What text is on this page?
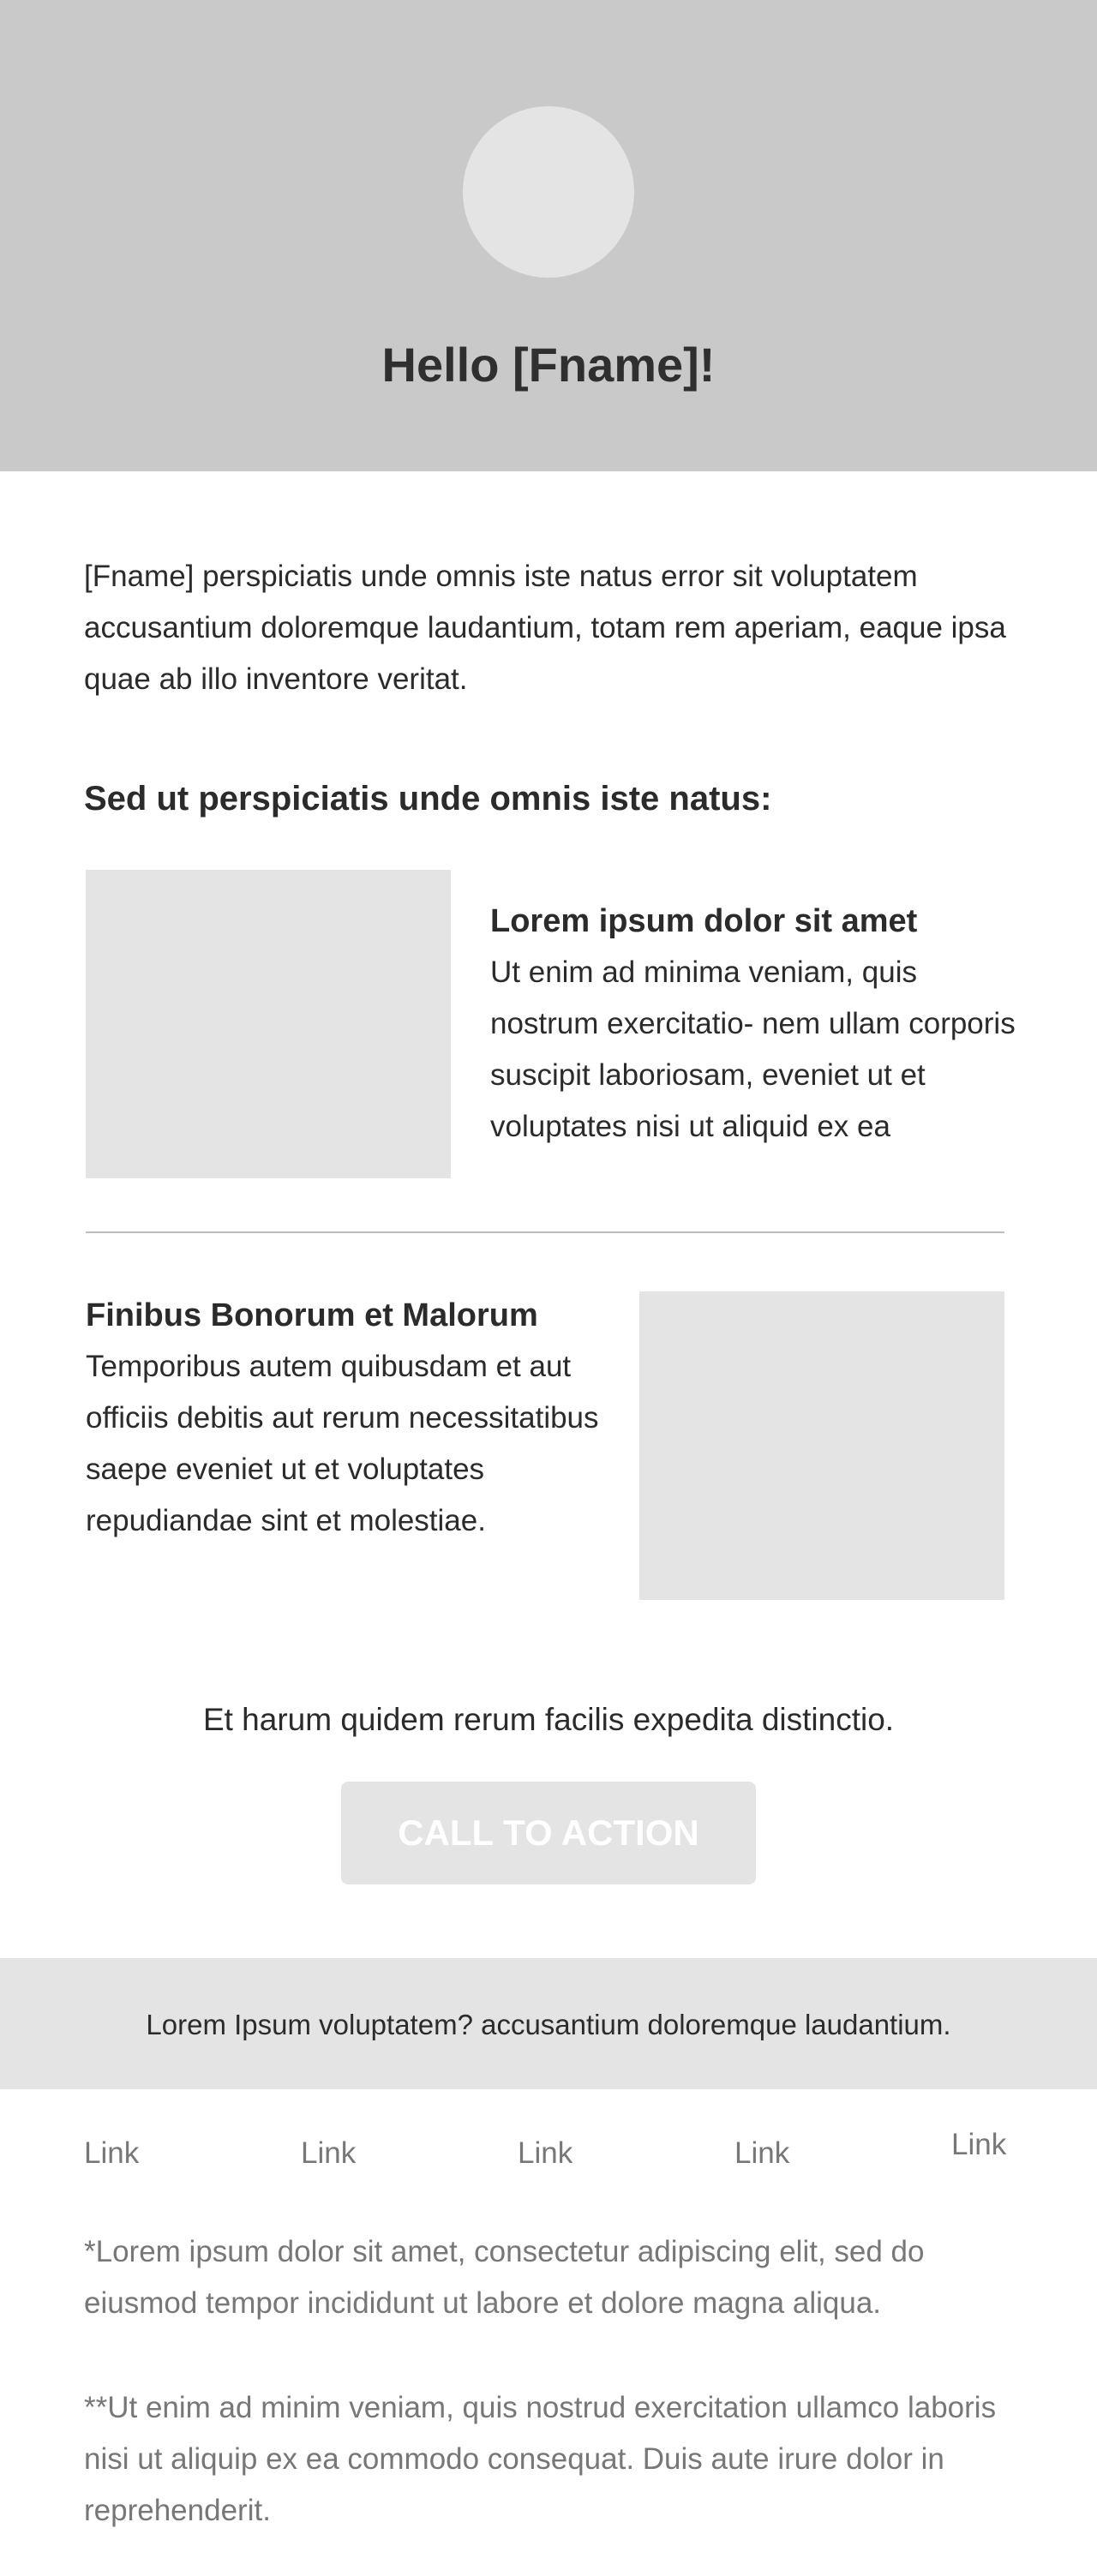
Hello [Fname]!

[Fname] perspiciatis unde omnis iste natus error sit voluptatem accusantium doloremque laudantium, totam rem aperiam, eaque ipsa quae ab illo inventore veritat.

Sed ut perspiciatis unde omnis iste natus:

Lorem ipsum dolor sit amet

Ut enim ad minima veniam, quis nostrum exercitatio- nem ullam corporis suscipit laboriosam, eveniet ut et voluptates nisi ut aliquid ex ea

Finibus Bonorum et Malorum

Temporibus autem quibusdam et aut officiis debitis aut rerum necessitatibus saepe eveniet ut et voluptates repudiandae sint et molestiae.

Et harum quidem rerum facilis expedita distinctio.

CALL TO ACTION

Lorem Ipsum voluptatem? accusantium doloremque laudantium.

Link	Link	Link	Link	Link

*Lorem ipsum dolor sit amet, consectetur adipiscing elit, sed do eiusmod tempor incididunt ut labore et dolore magna aliqua.

**Ut enim ad minim veniam, quis nostrud exercitation ullamco laboris nisi ut aliquip ex ea commodo consequat. Duis aute irure dolor in reprehenderit.
